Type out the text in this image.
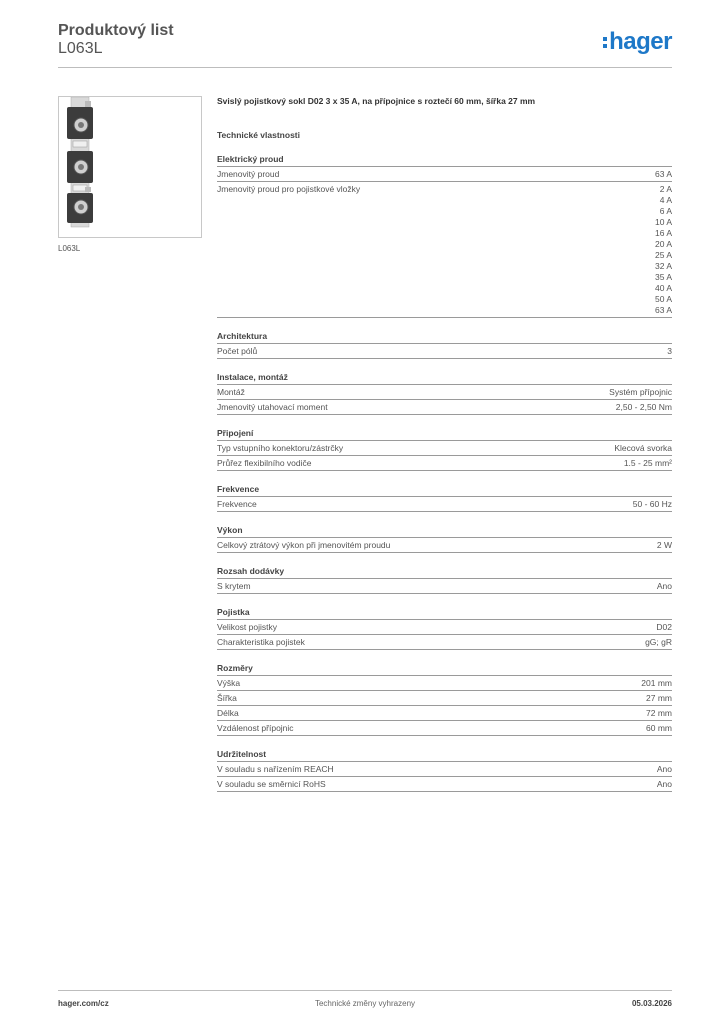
Produktový list
L063L	hager
L063L
Svislý pojistkový sokl D02 3 x 35 A, na přípojnice s roztečí 60 mm, šířka 27 mm
Technické vlastnosti
Elektrický proud
Jmenovitý proud	63 A
Jmenovitý proud pro pojistkové vložky	2 A
4 A
6 A
10 A
16 A
20 A
25 A
32 A
35 A
40 A
50 A
63 A
Architektura
Počet pólů	3
Instalace, montáž
Montáž	Systém přípojnic
Jmenovitý utahovací moment	2,50 - 2,50 Nm
Připojení
Typ vstupního konektoru/zástrčky	Klecová svorka
Průřez flexibilního vodiče	1.5 - 25 mm²
Frekvence
Frekvence	50 - 60 Hz
Výkon
Celkový ztrátový výkon při jmenovitém proudu	2 W
Rozsah dodávky
S krytem	Ano
Pojistka
Velikost pojistky	D02
Charakteristika pojistek	gG; gR
Rozměry
Výška	201 mm
Šířka	27 mm
Délka	72 mm
Vzdálenost přípojnic	60 mm
Udržitelnost
V souladu s nařízením REACH	Ano
V souladu se směrnicí RoHS	Ano
hager.com/cz	Technické změny vyhrazeny	05.03.2026
